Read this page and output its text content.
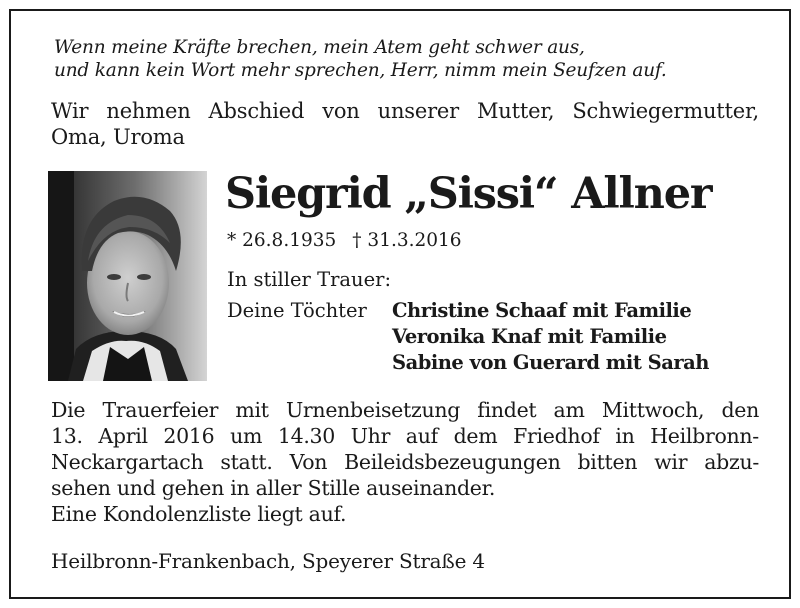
Wenn meine Kräfte brechen, mein Atem geht schwer aus,
und kann kein Wort mehr sprechen, Herr, nimm mein Seufzen auf.
Wir nehmen Abschied von unserer Mutter, Schwiegermutter,
Oma, Uroma
Siegrid „Sissi“ Allner
* 26.8.1935 † 31.3.2016
In stiller Trauer:
Deine Töchter Christine Schaaf mit Familie
Veronika Knaf mit Familie
Sabine von Guerard mit Sarah
Die Trauerfeier mit Urnenbeisetzung findet am Mittwoch, den
13. April 2016 um 14.30 Uhr auf dem Friedhof in Heilbronn-
Neckargartach statt. Von Beileidsbezeugungen bitten wir abzu-
sehen und gehen in aller Stille auseinander.
Eine Kondolenzliste liegt auf.
Heilbronn-Frankenbach, Speyerer Straße 4
